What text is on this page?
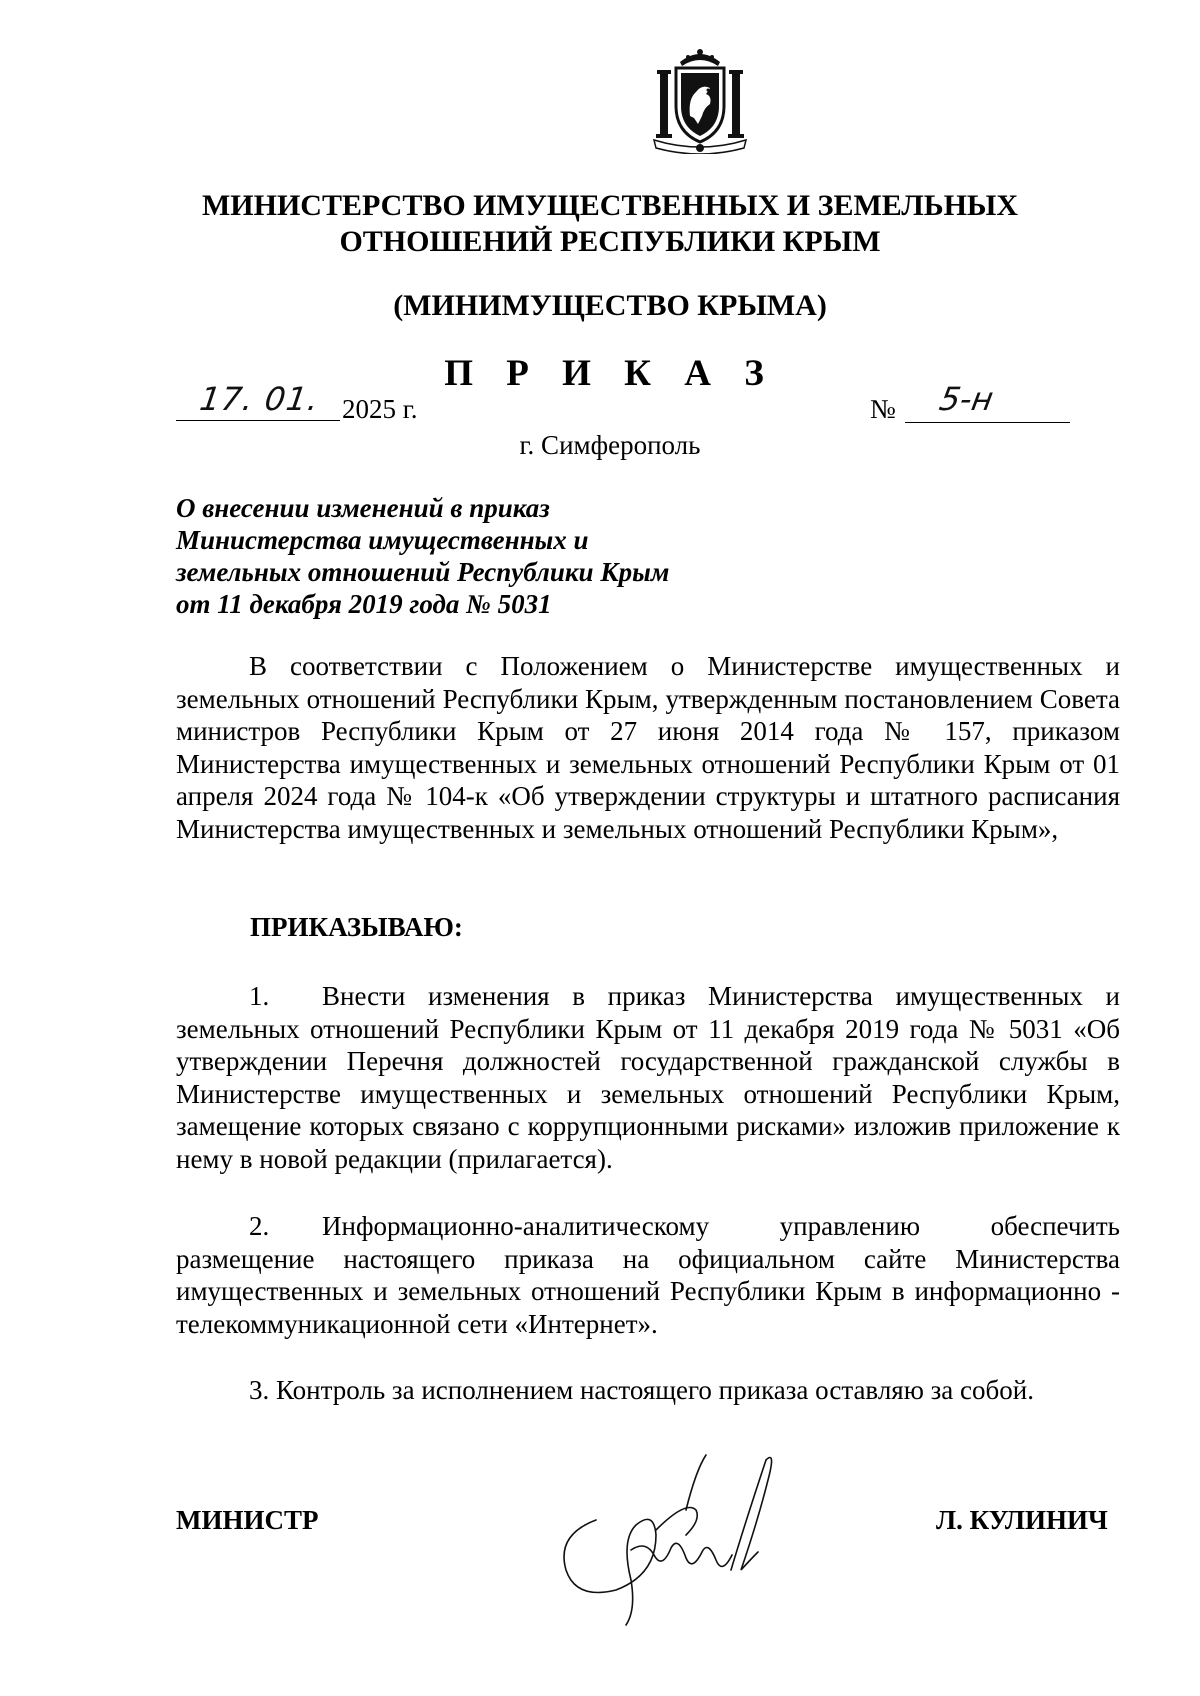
МИНИСТЕРСТВО ИМУЩЕСТВЕННЫХ И ЗЕМЕЛЬНЫХ
ОТНОШЕНИЙ РЕСПУБЛИКИ КРЫМ
(МИНИМУЩЕСТВО КРЫМА)
П Р И К А З
17. 01. 2025 г.	№ 5-н
г. Симферополь
О внесении изменений в приказ
Министерства имущественных и
земельных отношений Республики Крым
от 11 декабря 2019 года № 5031
В соответствии с Положением о Министерстве имущественных и земельных отношений Республики Крым, утвержденным постановлением Совета министров Республики Крым от 27 июня 2014 года № 157, приказом Министерства имущественных и земельных отношений Республики Крым от 01 апреля 2024 года № 104-к «Об утверждении структуры и штатного расписания Министерства имущественных и земельных отношений Республики Крым»,
ПРИКАЗЫВАЮ:
1. Внести изменения в приказ Министерства имущественных и земельных отношений Республики Крым от 11 декабря 2019 года № 5031 «Об утверждении Перечня должностей государственной гражданской службы в Министерстве имущественных и земельных отношений Республики Крым, замещение которых связано с коррупционными рисками» изложив приложение к нему в новой редакции (прилагается).
2. Информационно-аналитическому управлению обеспечить размещение настоящего приказа на официальном сайте Министерства имущественных и земельных отношений Республики Крым в информационно - телекоммуникационной сети «Интернет».
3. Контроль за исполнением настоящего приказа оставляю за собой.
МИНИСТР	Л. КУЛИНИЧ
